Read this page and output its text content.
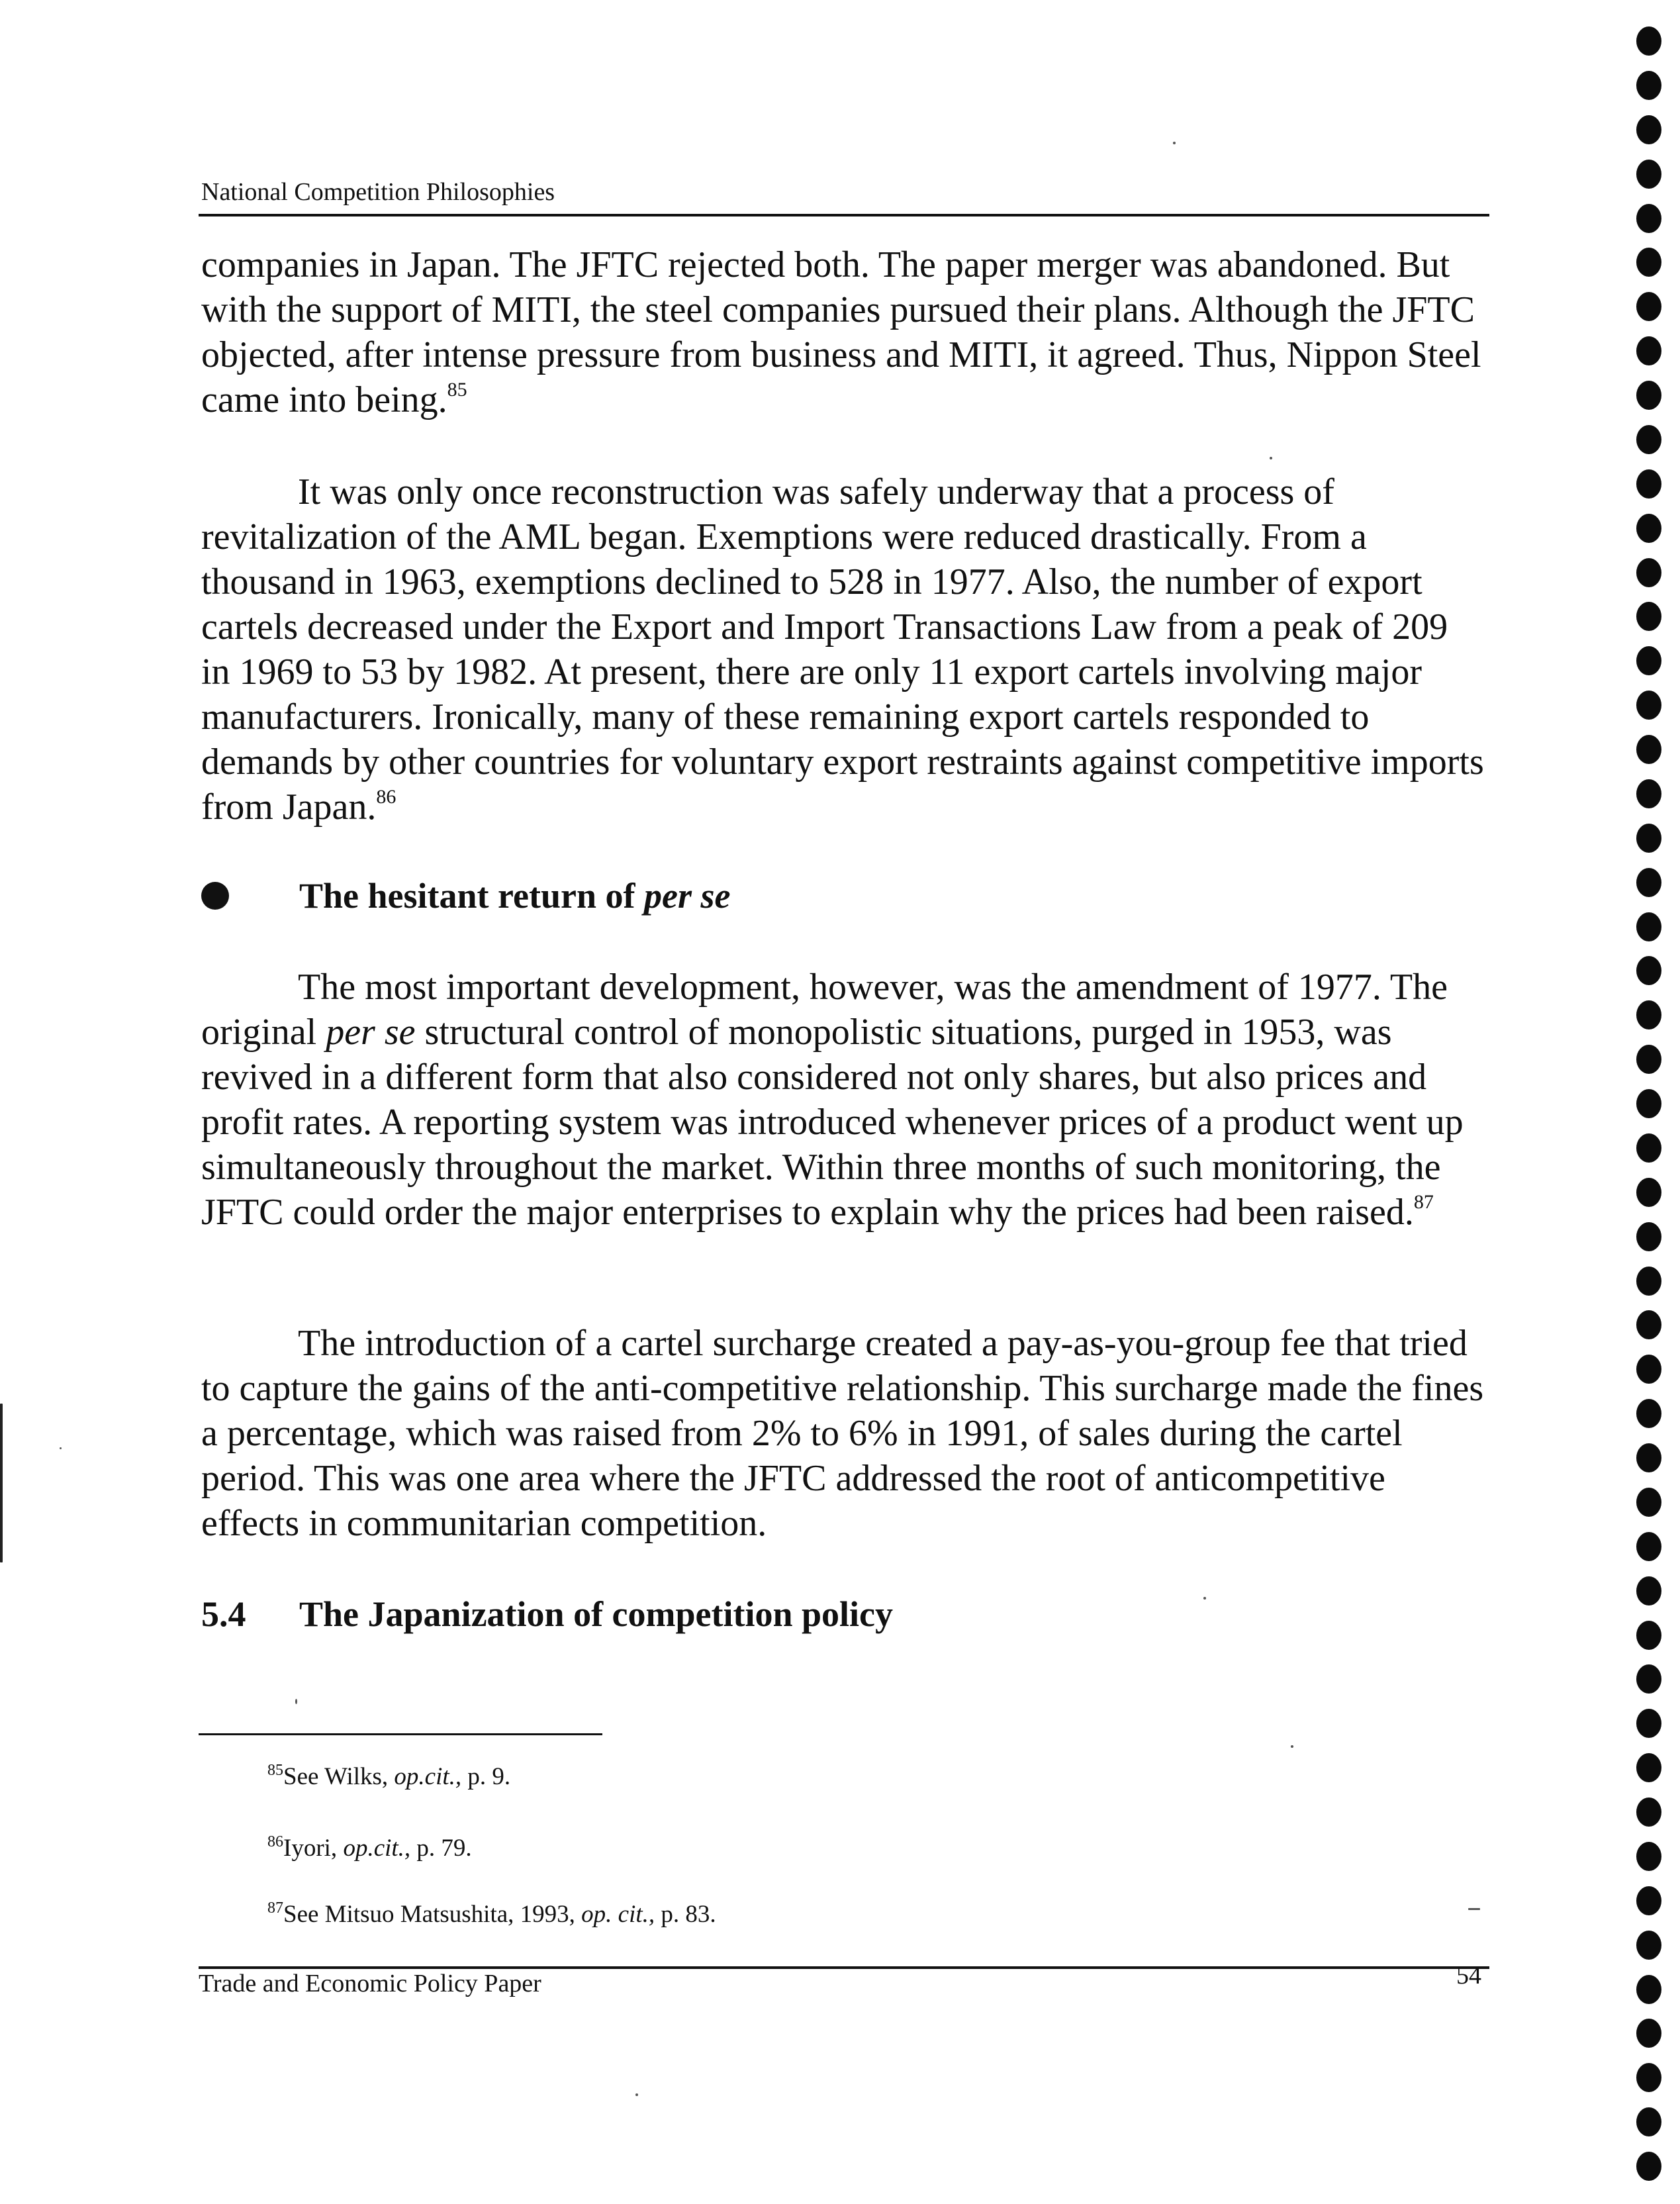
National Competition Philosophies

companies in Japan. The JFTC rejected both. The paper merger was abandoned. But with the support of MITI, the steel companies pursued their plans. Although the JFTC objected, after intense pressure from business and MITI, it agreed. Thus, Nippon Steel came into being.$^{85}$

It was only once reconstruction was safely underway that a process of revitalization of the AML began. Exemptions were reduced drastically. From a thousand in 1963, exemptions declined to 528 in 1977. Also, the number of export cartels decreased under the Export and Import Transactions Law from a peak of 209 in 1969 to 53 by 1982. At present, there are only 11 export cartels involving major manufacturers. Ironically, many of these remaining export cartels responded to demands by other countries for voluntary export restraints against competitive imports from Japan.$^{86}$

The hesitant return of per se

The most important development, however, was the amendment of 1977. The original per se structural control of monopolistic situations, purged in 1953, was revived in a different form that also considered not only shares, but also prices and profit rates. A reporting system was introduced whenever prices of a product went up simultaneously throughout the market. Within three months of such monitoring, the JFTC could order the major enterprises to explain why the prices had been raised.$^{87}$

The introduction of a cartel surcharge created a pay-as-you-group fee that tried to capture the gains of the anti-competitive relationship. This surcharge made the fines a percentage, which was raised from 2% to 6% in 1991, of sales during the cartel period. This was one area where the JFTC addressed the root of anticompetitive effects in communitarian competition.

5.4 The Japanization of competition policy
$^{85}$See Wilks, op.cit., p. 9.
$^{86}$Iyori, op.cit., p. 79.
$^{87}$See Mitsuo Matsushita, 1993, op. cit., p. 83.
Trade and Economic Policy Paper	54
